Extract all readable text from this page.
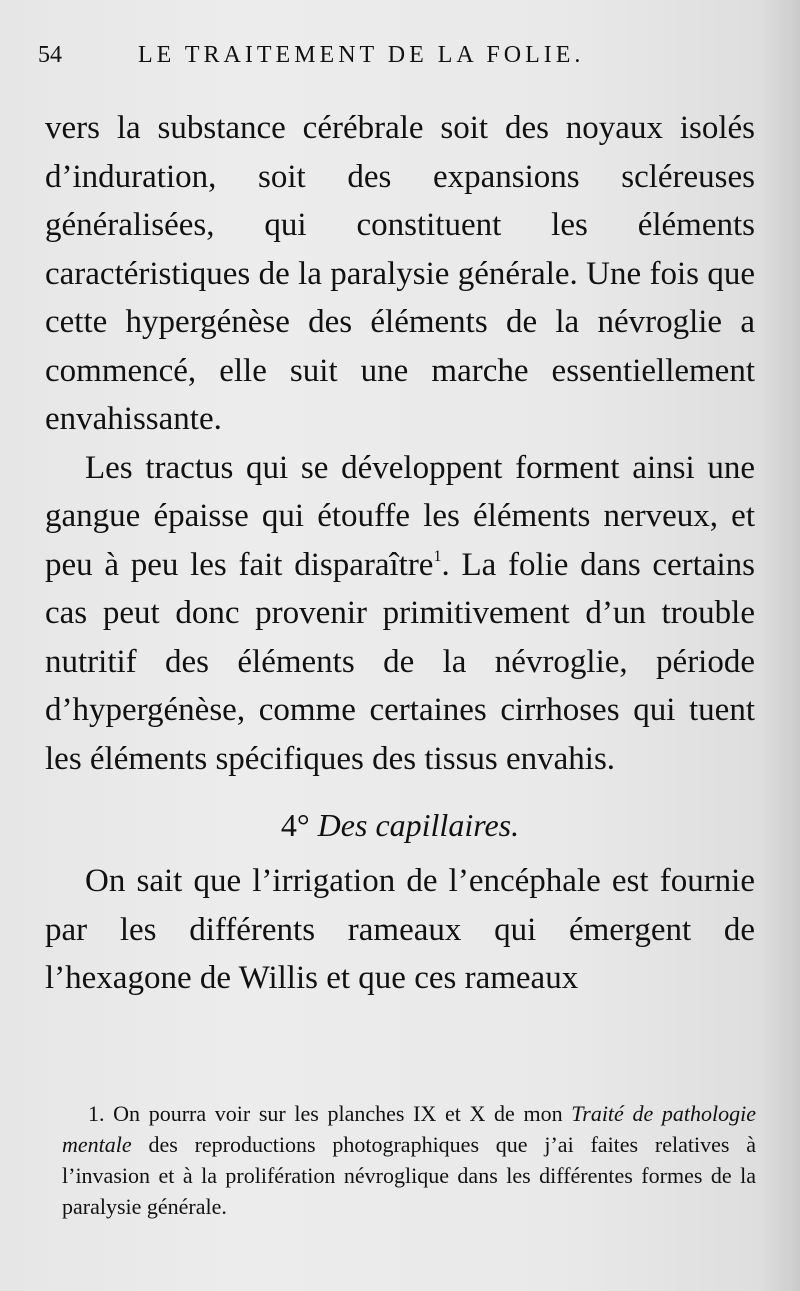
54	LE TRAITEMENT DE LA FOLIE.

vers la substance cérébrale soit des noyaux isolés d’induration, soit des expansions scléreuses généralisées, qui constituent les éléments caractéristiques de la paralysie générale. Une fois que cette hypergénèse des éléments de la névroglie a commencé, elle suit une marche essentiellement envahissante.

Les tractus qui se développent forment ainsi une gangue épaisse qui étouffe les éléments nerveux, et peu à peu les fait disparaître$^1$. La folie dans certains cas peut donc provenir primitivement d’un trouble nutritif des éléments de la névroglie, période d’hypergénèse, comme certaines cirrhoses qui tuent les éléments spécifiques des tissus envahis.

4° Des capillaires.

On sait que l’irrigation de l’encéphale est fournie par les différents rameaux qui émergent de l’hexagone de Willis et que ces rameaux

1. On pourra voir sur les planches IX et X de mon Traité de pathologie mentale des reproductions photographiques que j’ai faites relatives à l’invasion et à la prolifération névroglique dans les différentes formes de la paralysie générale.
